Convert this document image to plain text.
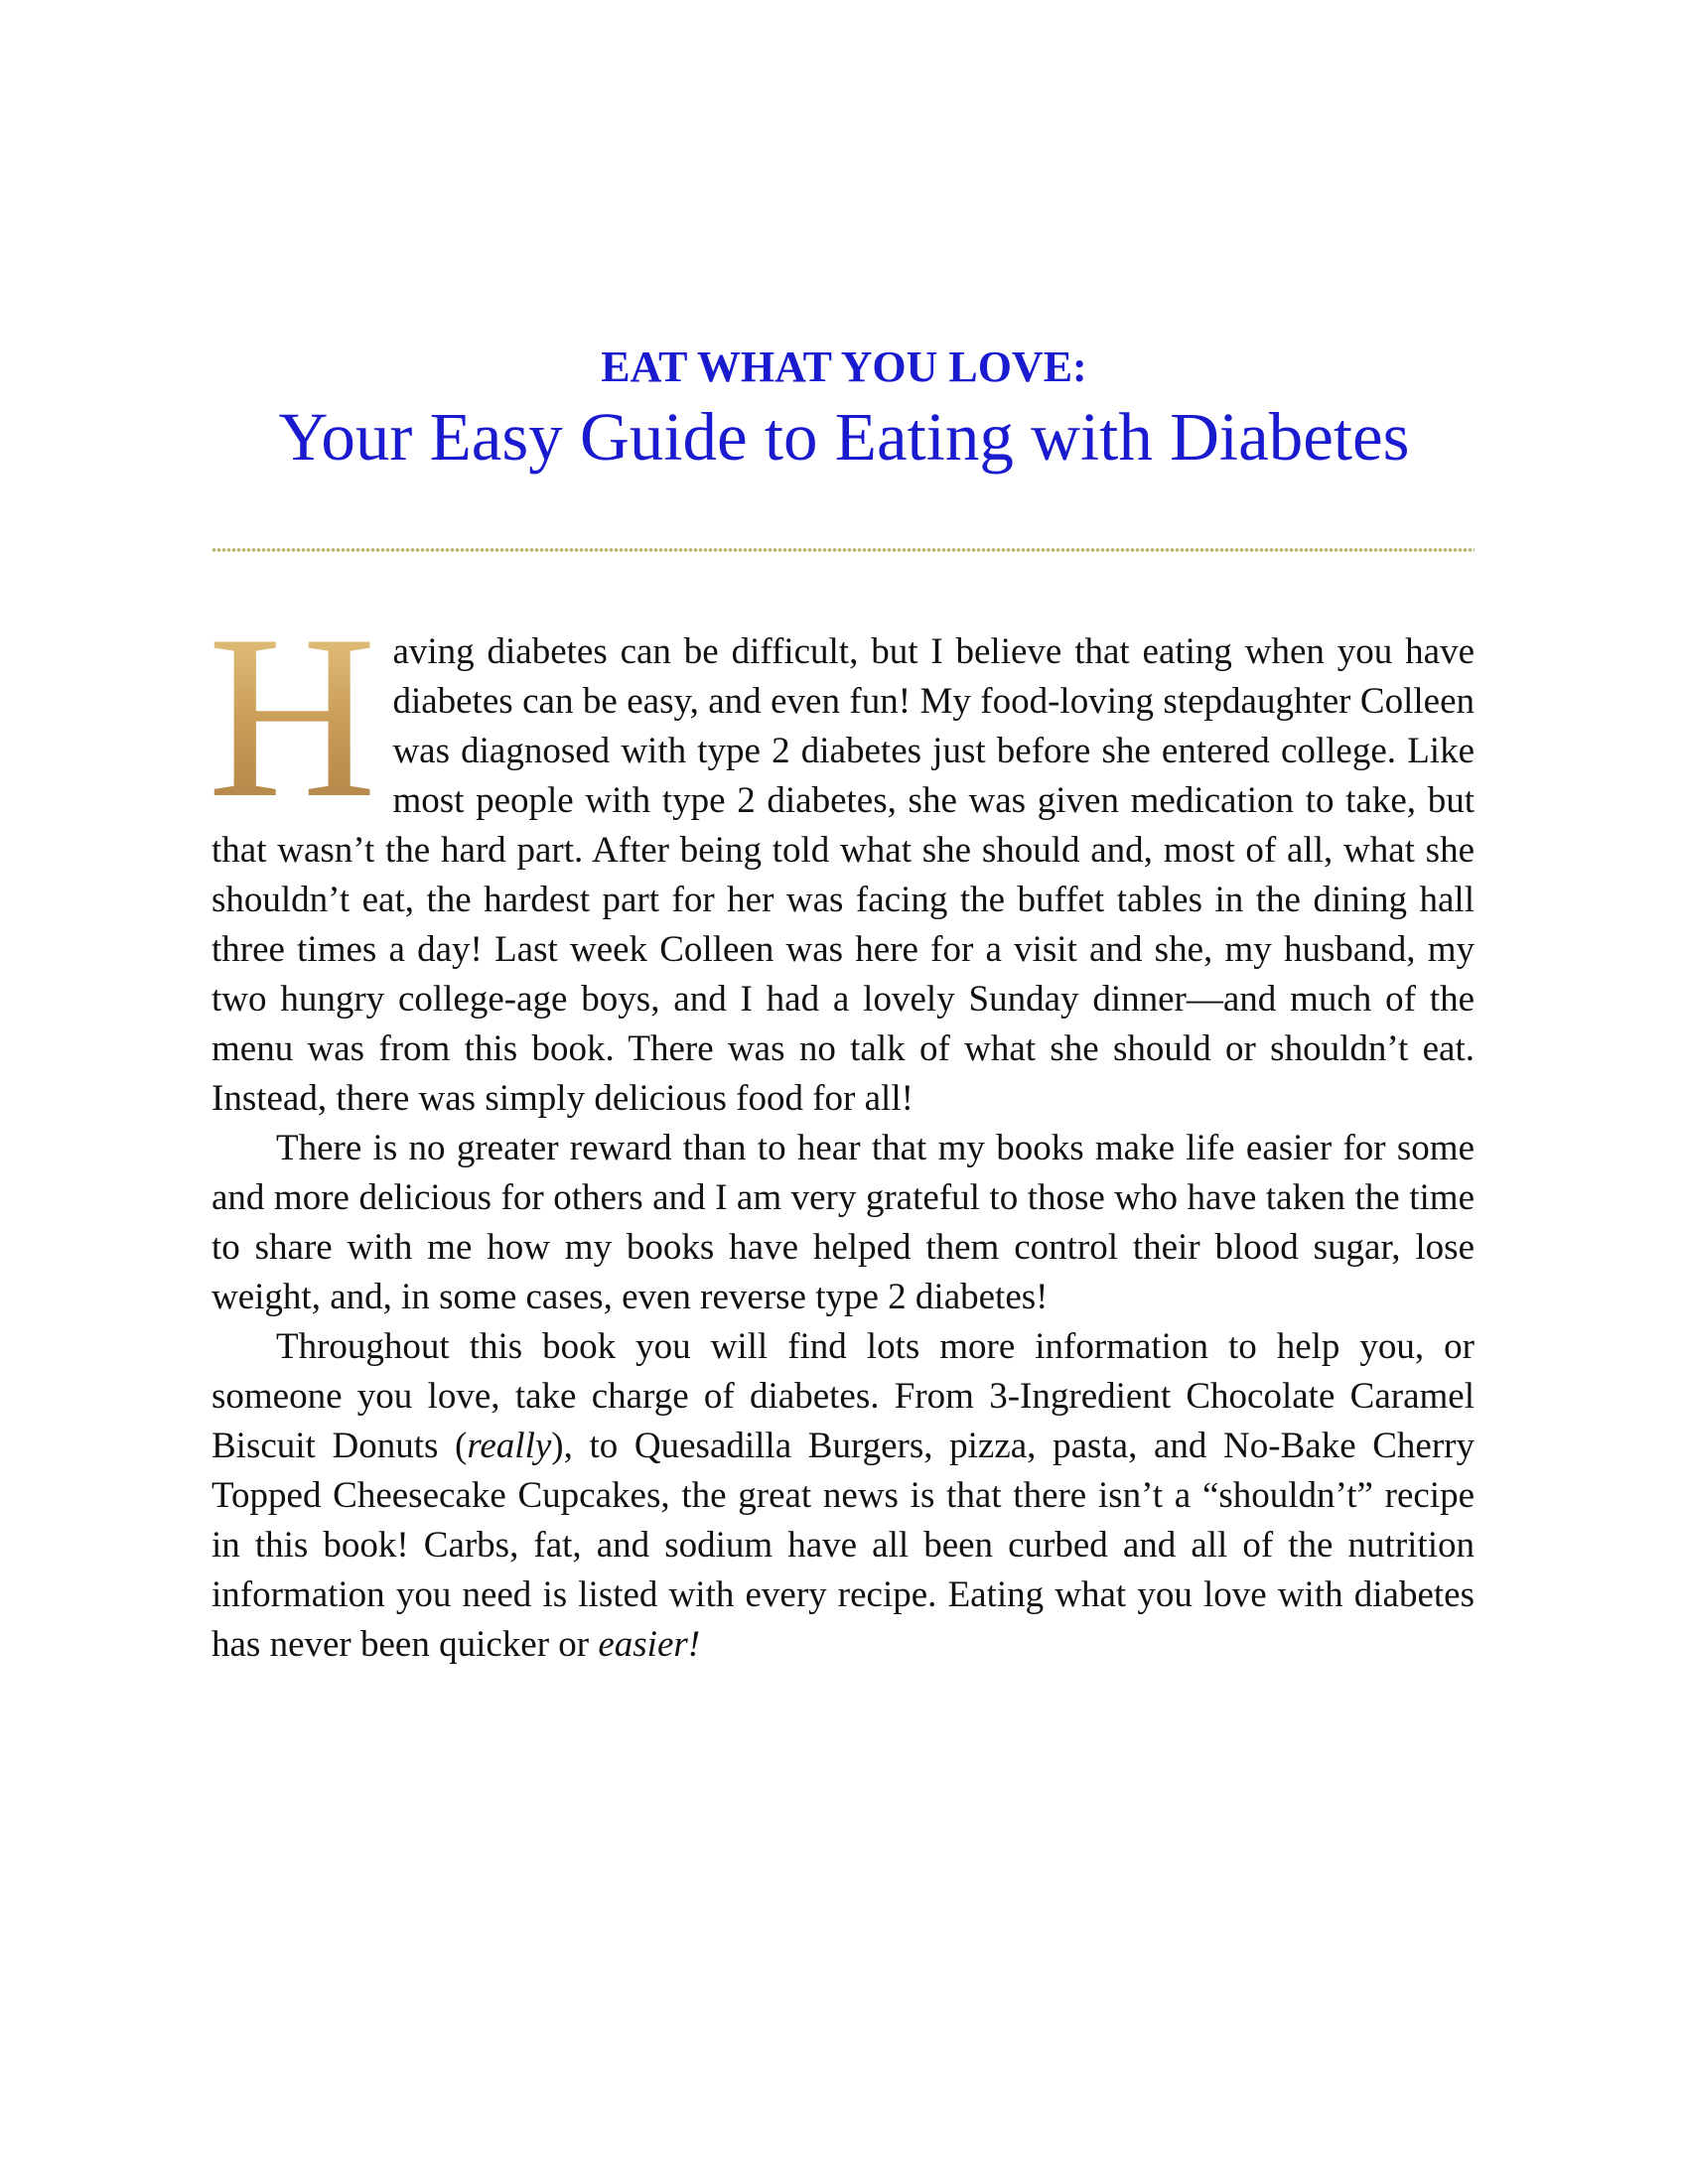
EAT WHAT YOU LOVE:
Your Easy Guide to Eating with Diabetes

H aving diabetes can be difficult, but I believe that eating when you have diabetes can be easy, and even fun! My food-loving stepdaughter Colleen was diagnosed with type 2 diabetes just before she entered college. Like most people with type 2 diabetes, she was given medication to take, but that wasn’t the hard part. After being told what she should and, most of all, what she shouldn’t eat, the hardest part for her was facing the buffet tables in the dining hall three times a day! Last week Colleen was here for a visit and she, my husband, my two hungry college-age boys, and I had a lovely Sunday dinner—and much of the menu was from this book. There was no talk of what she should or shouldn’t eat. Instead, there was simply delicious food for all!

There is no greater reward than to hear that my books make life easier for some and more delicious for others and I am very grateful to those who have taken the time to share with me how my books have helped them control their blood sugar, lose weight, and, in some cases, even reverse type 2 diabetes!

Throughout this book you will find lots more information to help you, or someone you love, take charge of diabetes. From 3-Ingredient Chocolate Caramel Biscuit Donuts (really), to Quesadilla Burgers, pizza, pasta, and No-Bake Cherry Topped Cheesecake Cupcakes, the great news is that there isn’t a “shouldn’t” recipe in this book! Carbs, fat, and sodium have all been curbed and all of the nutrition information you need is listed with every recipe. Eating what you love with diabetes has never been quicker or easier!
